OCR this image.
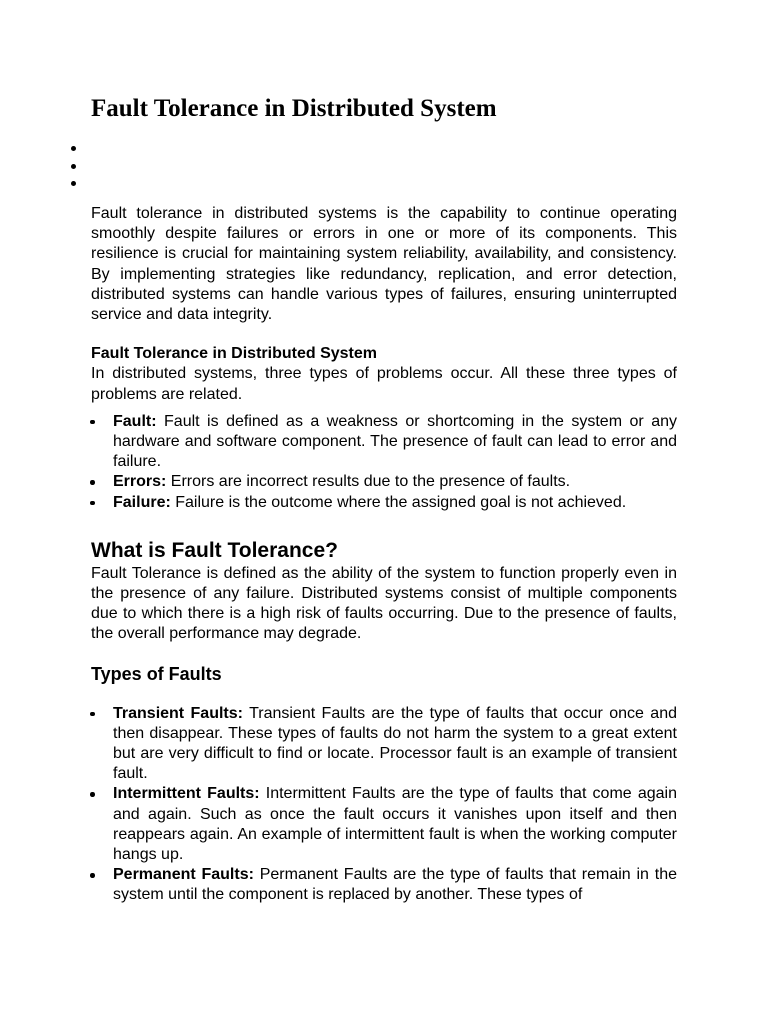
Fault Tolerance in Distributed System

Fault tolerance in distributed systems is the capability to continue operating smoothly despite failures or errors in one or more of its components. This resilience is crucial for maintaining system reliability, availability, and consistency. By implementing strategies like redundancy, replication, and error detection, distributed systems can handle various types of failures, ensuring uninterrupted service and data integrity.

Fault Tolerance in Distributed System

In distributed systems, three types of problems occur. All these three types of problems are related.

Fault: Fault is defined as a weakness or shortcoming in the system or any hardware and software component. The presence of fault can lead to error and failure.
Errors: Errors are incorrect results due to the presence of faults.
Failure: Failure is the outcome where the assigned goal is not achieved.
What is Fault Tolerance?

Fault Tolerance is defined as the ability of the system to function properly even in the presence of any failure. Distributed systems consist of multiple components due to which there is a high risk of faults occurring. Due to the presence of faults, the overall performance may degrade.

Types of Faults
Transient Faults: Transient Faults are the type of faults that occur once and then disappear. These types of faults do not harm the system to a great extent but are very difficult to find or locate. Processor fault is an example of transient fault.
Intermittent Faults: Intermittent Faults are the type of faults that come again and again. Such as once the fault occurs it vanishes upon itself and then reappears again. An example of intermittent fault is when the working computer hangs up.
Permanent Faults: Permanent Faults are the type of faults that remain in the system until the component is replaced by another. These types of
